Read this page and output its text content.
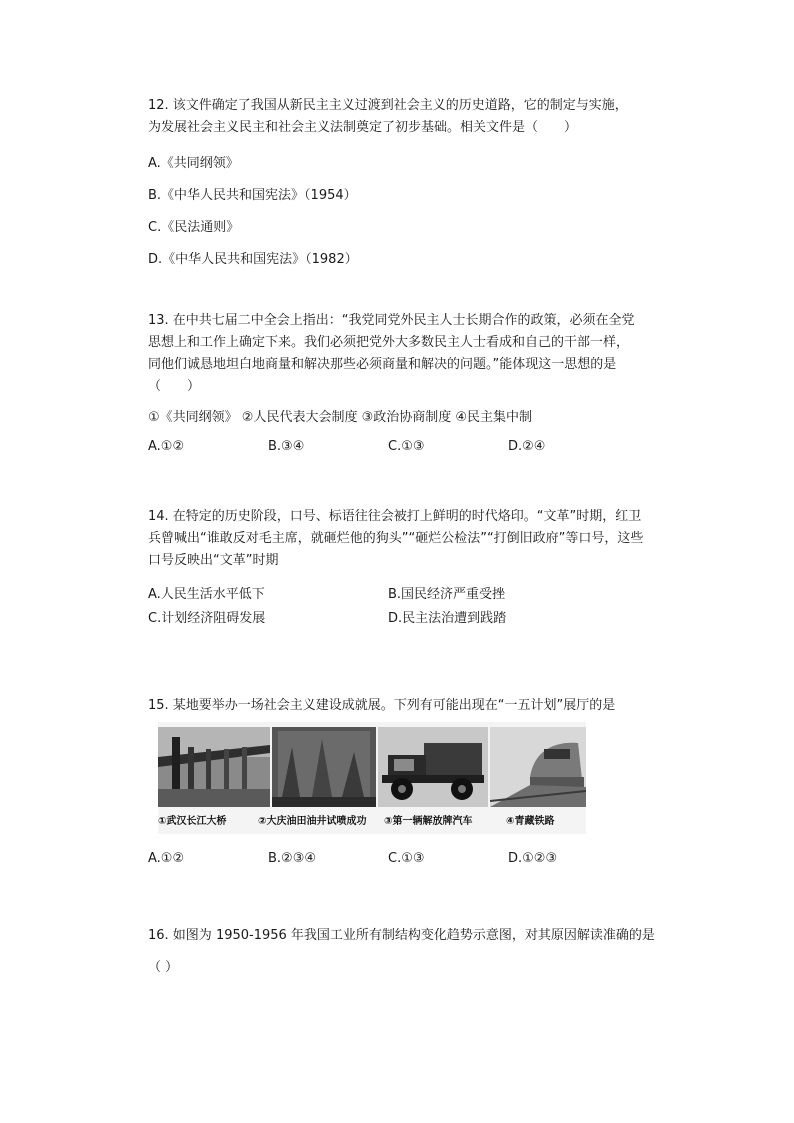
12. 该文件确定了我国从新民主主义过渡到社会主义的历史道路，它的制定与实施，
为发展社会主义民主和社会主义法制奠定了初步基础。相关文件是（　　）
A.《共同纲领》
B.《中华人民共和国宪法》（1954）
C.《民法通则》
D.《中华人民共和国宪法》（1982）
13. 在中共七届二中全会上指出：“我党同党外民主人士长期合作的政策，必须在全党
思想上和工作上确定下来。我们必须把党外大多数民主人士看成和自己的干部一样，
同他们诚恳地坦白地商量和解决那些必须商量和解决的问题。”能体现这一思想的是
（　　）
①《共同纲领》 ②人民代表大会制度 ③政治协商制度 ④民主集中制
A.①②	B.③④	C.①③	D.②④
14. 在特定的历史阶段，口号、标语往往会被打上鲜明的时代烙印。“文革”时期，红卫
兵曾喊出“谁敢反对毛主席，就砸烂他的狗头”“砸烂公检法”“打倒旧政府”等口号，这些
口号反映出“文革”时期
A.人民生活水平低下	B.国民经济严重受挫
C.计划经济阻碍发展	D.民主法治遭到践踏
15. 某地要举办一场社会主义建设成就展。下列有可能出现在“一五计划”展厅的是
①武汉长江大桥	②大庆油田油井试喷成功 ③第一辆解放牌汽车	④青藏铁路
A.①②	B.②③④	C.①③	D.①②③
16. 如图为 1950-1956 年我国工业所有制结构变化趋势示意图，对其原因解读准确的是
（ ）
